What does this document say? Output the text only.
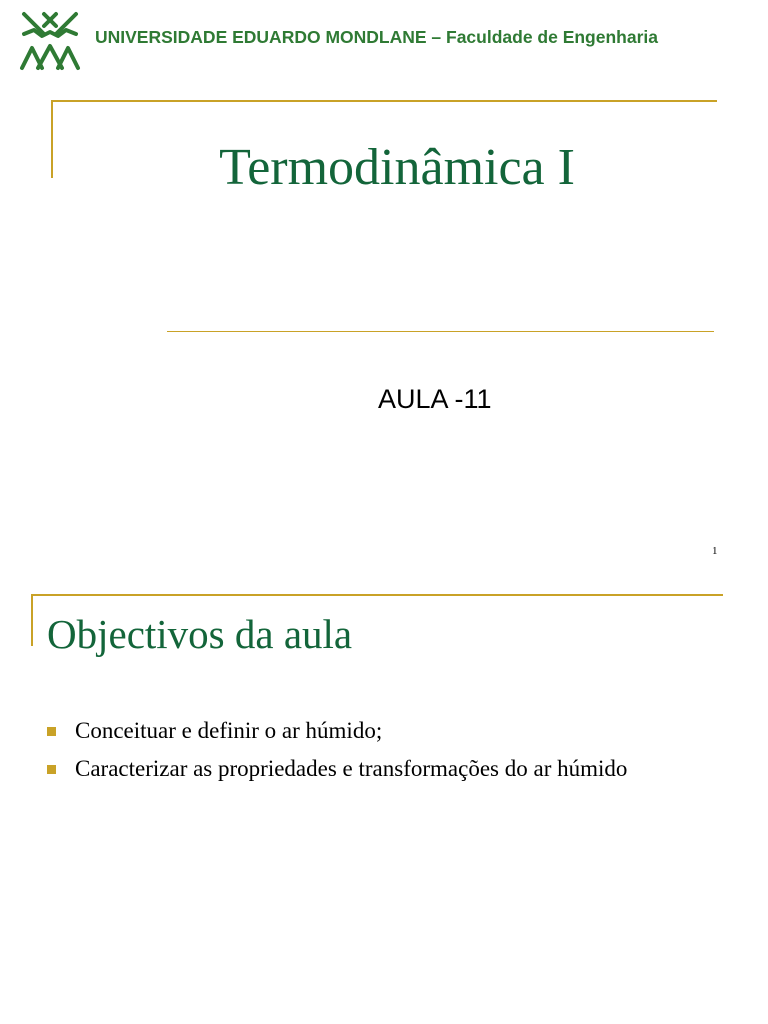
UNIVERSIDADE EDUARDO MONDLANE – Faculdade de Engenharia
Termodinâmica I
AULA -11
1
Objectivos da aula
Conceituar e definir o ar húmido;
Caracterizar as propriedades e transformações do ar húmido
